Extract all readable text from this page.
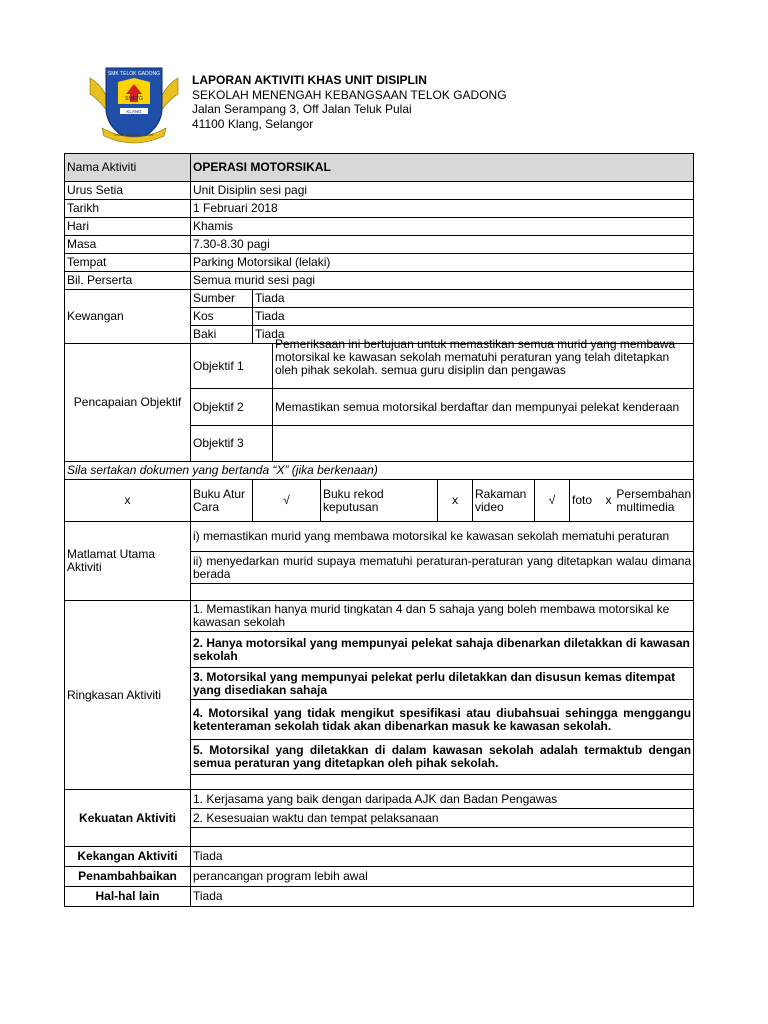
SMK TELOK GADONG
SMKTG
KLANG
ILMU · AMANAH · JASA
LAPORAN AKTIVITI KHAS UNIT DISIPLIN
SEKOLAH MENENGAH KEBANGSAAN TELOK GADONG
Jalan Serampang 3, Off Jalan Teluk Pulai
41100 Klang, Selangor
Nama Aktiviti	OPERASI MOTORSIKAL							
Urus Setia	Unit Disiplin sesi pagi							
Tarikh	1 Februari 2018							
Hari	Khamis							
Masa	7.30-8.30 pagi							
Tempat	Parking Motorsikal (lelaki)							
Bil. Perserta	Semua murid sesi pagi							
Kewangan	Sumber	Tiada						
	Kos	Tiada						
	Baki	Tiada						
Pencapaian Objektif	Objektif 1		Pemeriksaan ini bertujuan untuk memastikan semua murid yang membawa motorsikal ke kawasan sekolah mematuhi peraturan yang telah ditetapkan oleh pihak sekolah. semua guru disiplin dan pengawas					

	Objektif 2		Memastikan semua motorsikal berdaftar dan mempunyai pelekat kenderaan					
	Objektif 3							
Sila sertakan dokumen yang bertanda “X” (jika berkenaan)								
x	Buku Atur Cara	√		Buku rekod keputusan	x	Rakaman video	√	foto x Persembahan multimedia

Matlamat Utama Aktiviti	i) memastikan murid yang membawa motorsikal ke kawasan sekolah mematuhi peraturan							
	ii) menyedarkan murid supaya mematuhi peraturan-peraturan yang ditetapkan walau dimana berada							

Ringkasan Aktiviti	1. Memastikan hanya murid tingkatan 4 dan 5 sahaja yang boleh membawa motorsikal ke kawasan sekolah							
	2. Hanya motorsikal yang mempunyai pelekat sahaja dibenarkan diletakkan di kawasan sekolah							
	3. Motorsikal yang mempunyai pelekat perlu diletakkan dan disusun kemas ditempat yang disediakan sahaja							
	4. Motorsikal yang tidak mengikut spesifikasi atau diubahsuai sehingga menggangu ketenteraman sekolah tidak akan dibenarkan masuk ke kawasan sekolah.							
	5. Motorsikal yang diletakkan di dalam kawasan sekolah adalah termaktub dengan semua peraturan yang ditetapkan oleh pihak sekolah.							

Kekuatan Aktiviti	1. Kerjasama yang baik dengan daripada AJK dan Badan Pengawas							
	2. Kesesuaian waktu dan tempat pelaksanaan							

Kekangan Aktiviti	Tiada							
Penambahbaikan	perancangan program lebih awal							
Hal-hal lain	Tiada							
